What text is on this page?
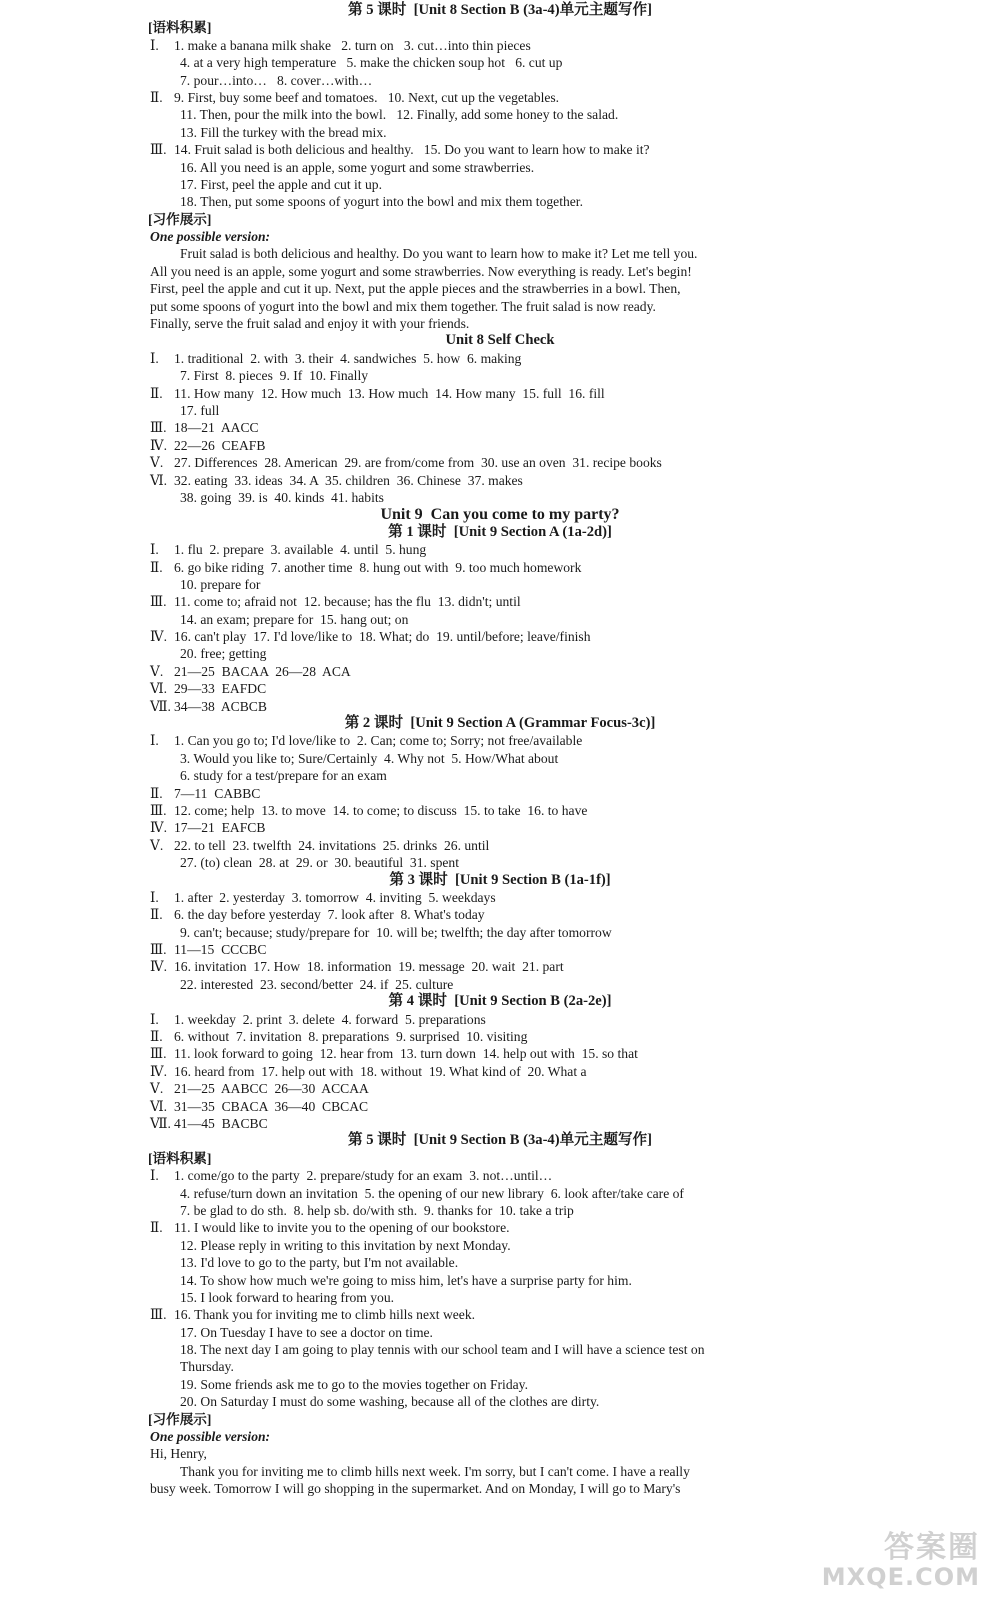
第 5 课时  [Unit 8 Section B (3a-4)单元主题写作]
[语料积累]
Ⅰ. 1. make a banana milk shake   2. turn on   3. cut…into thin pieces
4. at a very high temperature   5. make the chicken soup hot   6. cut up
7. pour…into…   8. cover…with…
Ⅱ. 9. First, buy some beef and tomatoes.   10. Next, cut up the vegetables.
11. Then, pour the milk into the bowl.   12. Finally, add some honey to the salad.
13. Fill the turkey with the bread mix.
Ⅲ. 14. Fruit salad is both delicious and healthy.   15. Do you want to learn how to make it?
16. All you need is an apple, some yogurt and some strawberries.
17. First, peel the apple and cut it up.
18. Then, put some spoons of yogurt into the bowl and mix them together.
[习作展示]
One possible version:
Fruit salad is both delicious and healthy. Do you want to learn how to make it? Let me tell you.
All you need is an apple, some yogurt and some strawberries. Now everything is ready. Let's begin!
First, peel the apple and cut it up. Next, put the apple pieces and the strawberries in a bowl. Then,
put some spoons of yogurt into the bowl and mix them together. The fruit salad is now ready.
Finally, serve the fruit salad and enjoy it with your friends.
Unit 8 Self Check
Ⅰ. 1. traditional  2. with  3. their  4. sandwiches  5. how  6. making
7. First  8. pieces  9. If  10. Finally
Ⅱ. 11. How many  12. How much  13. How much  14. How many  15. full  16. fill
17. full
Ⅲ. 18—21  AACC
Ⅳ. 22—26  CEAFB
Ⅴ. 27. Differences  28. American  29. are from/come from  30. use an oven  31. recipe books
Ⅵ. 32. eating  33. ideas  34. A  35. children  36. Chinese  37. makes
38. going  39. is  40. kinds  41. habits
Unit 9  Can you come to my party?
第 1 课时  [Unit 9 Section A (1a-2d)]
Ⅰ. 1. flu  2. prepare  3. available  4. until  5. hung
Ⅱ. 6. go bike riding  7. another time  8. hung out with  9. too much homework
10. prepare for
Ⅲ. 11. come to; afraid not  12. because; has the flu  13. didn't; until
14. an exam; prepare for  15. hang out; on
Ⅳ. 16. can't play  17. I'd love/like to  18. What; do  19. until/before; leave/finish
20. free; getting
Ⅴ. 21—25  BACAA  26—28  ACA
Ⅵ. 29—33  EAFDC
Ⅶ. 34—38  ACBCB
第 2 课时  [Unit 9 Section A (Grammar Focus-3c)]
Ⅰ. 1. Can you go to; I'd love/like to  2. Can; come to; Sorry; not free/available
3. Would you like to; Sure/Certainly  4. Why not  5. How/What about
6. study for a test/prepare for an exam
Ⅱ. 7—11  CABBC
Ⅲ. 12. come; help  13. to move  14. to come; to discuss  15. to take  16. to have
Ⅳ. 17—21  EAFCB
Ⅴ. 22. to tell  23. twelfth  24. invitations  25. drinks  26. until
27. (to) clean  28. at  29. or  30. beautiful  31. spent
第 3 课时  [Unit 9 Section B (1a-1f)]
Ⅰ. 1. after  2. yesterday  3. tomorrow  4. inviting  5. weekdays
Ⅱ. 6. the day before yesterday  7. look after  8. What's today
9. can't; because; study/prepare for  10. will be; twelfth; the day after tomorrow
Ⅲ. 11—15  CCCBC
Ⅳ. 16. invitation  17. How  18. information  19. message  20. wait  21. part
22. interested  23. second/better  24. if  25. culture
第 4 课时  [Unit 9 Section B (2a-2e)]
Ⅰ. 1. weekday  2. print  3. delete  4. forward  5. preparations
Ⅱ. 6. without  7. invitation  8. preparations  9. surprised  10. visiting
Ⅲ. 11. look forward to going  12. hear from  13. turn down  14. help out with  15. so that
Ⅳ. 16. heard from  17. help out with  18. without  19. What kind of  20. What a
Ⅴ. 21—25  AABCC  26—30  ACCAA
Ⅵ. 31—35  CBACA  36—40  CBCAC
Ⅶ. 41—45  BACBC
第 5 课时  [Unit 9 Section B (3a-4)单元主题写作]
[语料积累]
Ⅰ. 1. come/go to the party  2. prepare/study for an exam  3. not…until…
4. refuse/turn down an invitation  5. the opening of our new library  6. look after/take care of
7. be glad to do sth.  8. help sb. do/with sth.  9. thanks for  10. take a trip
Ⅱ. 11. I would like to invite you to the opening of our bookstore.
12. Please reply in writing to this invitation by next Monday.
13. I'd love to go to the party, but I'm not available.
14. To show how much we're going to miss him, let's have a surprise party for him.
15. I look forward to hearing from you.
Ⅲ. 16. Thank you for inviting me to climb hills next week.
17. On Tuesday I have to see a doctor on time.
18. The next day I am going to play tennis with our school team and I will have a science test on
Thursday.
19. Some friends ask me to go to the movies together on Friday.
20. On Saturday I must do some washing, because all of the clothes are dirty.
[习作展示]
One possible version:
Hi, Henry,
Thank you for inviting me to climb hills next week. I'm sorry, but I can't come. I have a really
busy week. Tomorrow I will go shopping in the supermarket. And on Monday, I will go to Mary's
答案圈
MXQE.COM
